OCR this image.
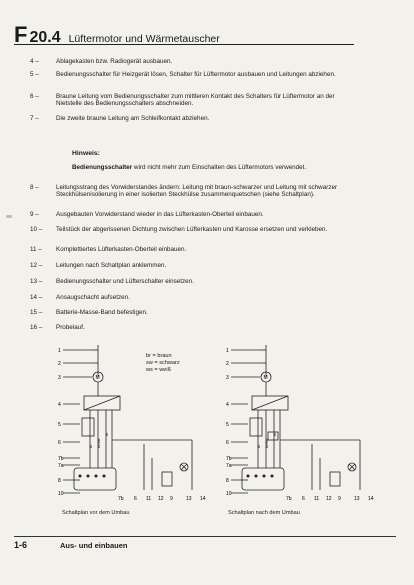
F 20.4 Lüftermotor und Wärmetauscher
4 –	Ablagekasten bzw. Radiogerät ausbauen.
5 –	Bedienungsschalter für Heizgerät lösen, Schalter für Lüftermotor ausbauen und Leitungen abziehen.
6 –	Braune Leitung vom Bedienungsschalter zum mittleren Kontakt des Schalters für Lüftermotor an der Nietstelle des Bedienungsschalters abschneiden.
7 –	Die zweite braune Leitung am Schleifkontakt abziehen.
Hinweis:
Bedienungsschalter wird nicht mehr zum Einschalten des Lüftermotors verwendet.
8 –	Leitungsstrang des Vorwiderstandes ändern: Leitung mit braun-schwarzer und Leitung mit schwarzer Steckhülsenisolierung in einer isolierten Steckhülse zusammenquetschen (siehe Schaltplan).
9 –	Ausgebauten Vorwiderstand wieder in das Lüfterkasten-Oberteil einbauen.
10 – Teilstück der abgerissenen Dichtung zwischen Lüfterkasten und Karosse ersetzen und verkleben.
11 – Komplettiertes Lüfterkasten-Oberteil einbauen.
12 – Leitungen nach Schaltplan anklemmen.
13 – Bedienungsschalter und Lüfterschalter einsetzen.
14 – Ansaugschacht aufsetzen.
15 – Batterie-Masse-Band befestigen.
16 – Probelauf.
br = braun
sw = schwarz
ws = weiß
1
2
3
4
5
6
7b
7a
8
10
M
br br/sw
br
7b 6 11 12 9	13 14
1
2
3
4
5
6
7b
7a
8
10
M
br br/sw
br
7b 6 11 12 9	13 14
Schaltplan vor dem Umbau	Schaltplan nach dem Umbau
1-6	Aus- und einbauen
